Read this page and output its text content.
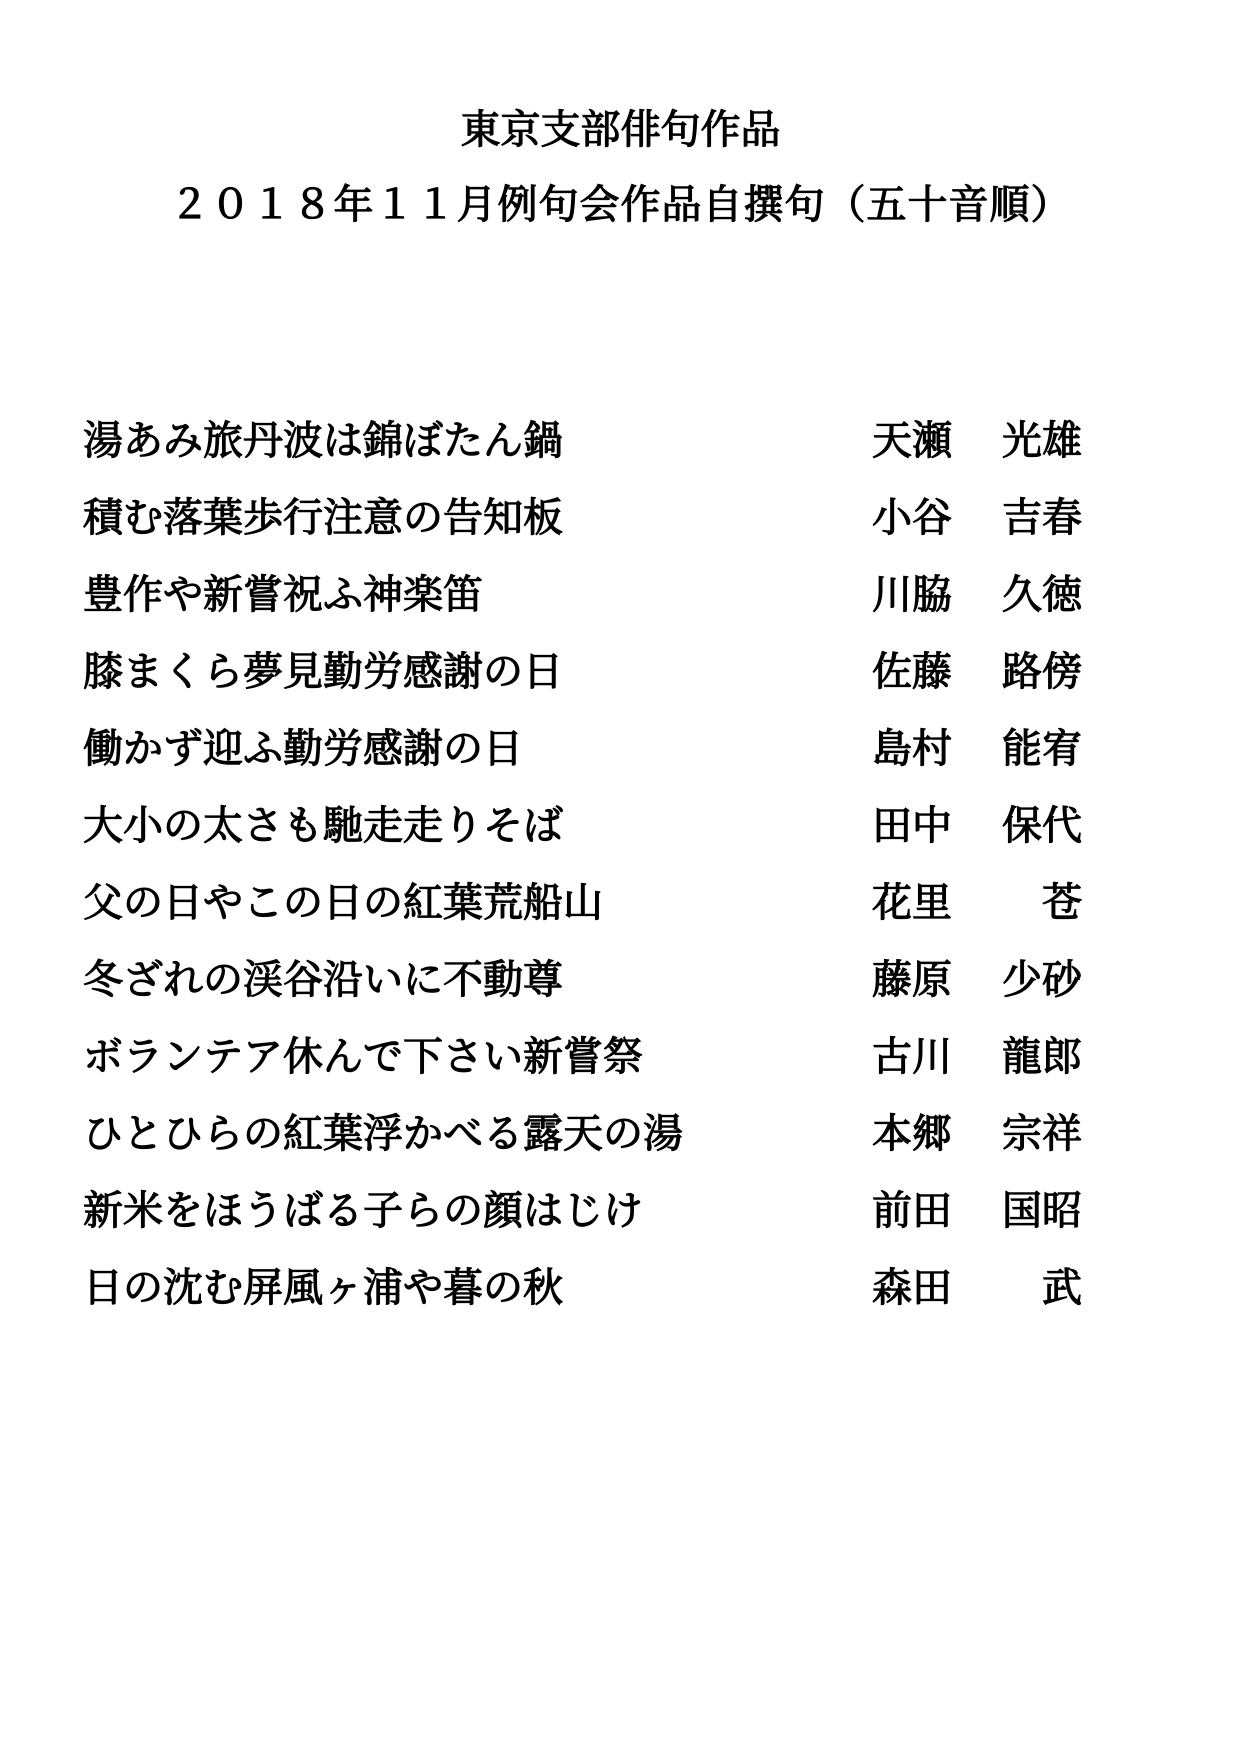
東京支部俳句作品
２０１８年１１月例句会作品自撰句（五十音順）
湯あみ旅丹波は錦ぼたん鍋	天瀬	光雄
積む落葉歩行注意の告知板	小谷	吉春
豊作や新嘗祝ふ神楽笛	川脇	久徳
膝まくら夢見勤労感謝の日	佐藤	路傍
働かず迎ふ勤労感謝の日	島村	能宥
大小の太さも馳走走りそば	田中	保代
父の日やこの日の紅葉荒船山	花里	苍
冬ざれの渓谷沿いに不動尊	藤原	少砂
ボランテア休んで下さい新嘗祭	古川	龍郎
ひとひらの紅葉浮かべる露天の湯	本郷	宗祥
新米をほうばる子らの顔はじけ	前田	国昭
日の沈む屏風ヶ浦や暮の秋	森田	武
